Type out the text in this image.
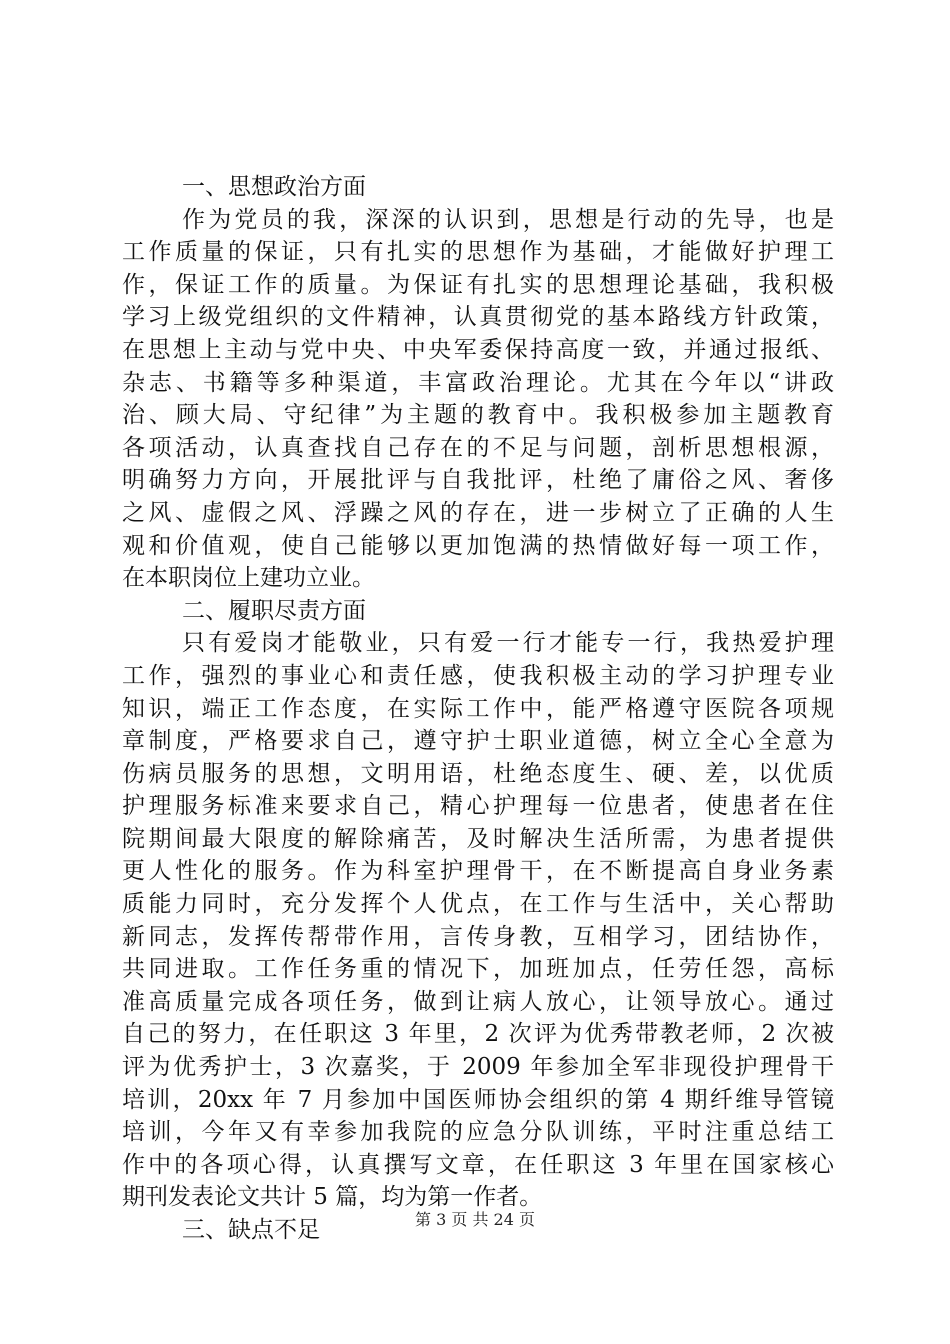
一、思想政治方面
作为党员的我，深深的认识到，思想是行动的先导，也是
工作质量的保证，只有扎实的思想作为基础，才能做好护理工
作，保证工作的质量。为保证有扎实的思想理论基础，我积极
学习上级党组织的文件精神，认真贯彻党的基本路线方针政策，
在思想上主动与党中央、中央军委保持高度一致，并通过报纸、
杂志、书籍等多种渠道，丰富政治理论。尤其在今年以“讲政
治、顾大局、守纪律”为主题的教育中。我积极参加主题教育
各项活动，认真查找自己存在的不足与问题，剖析思想根源，
明确努力方向，开展批评与自我批评，杜绝了庸俗之风、奢侈
之风、虚假之风、浮躁之风的存在，进一步树立了正确的人生
观和价值观，使自己能够以更加饱满的热情做好每一项工作，
在本职岗位上建功立业。
二、履职尽责方面
只有爱岗才能敬业，只有爱一行才能专一行，我热爱护理
工作，强烈的事业心和责任感，使我积极主动的学习护理专业
知识，端正工作态度，在实际工作中，能严格遵守医院各项规
章制度，严格要求自己，遵守护士职业道德，树立全心全意为
伤病员服务的思想，文明用语，杜绝态度生、硬、差，以优质
护理服务标准来要求自己，精心护理每一位患者，使患者在住
院期间最大限度的解除痛苦，及时解决生活所需，为患者提供
更人性化的服务。作为科室护理骨干，在不断提高自身业务素
质能力同时，充分发挥个人优点，在工作与生活中，关心帮助
新同志，发挥传帮带作用，言传身教，互相学习，团结协作，
共同进取。工作任务重的情况下，加班加点，任劳任怨，高标
准高质量完成各项任务，做到让病人放心，让领导放心。通过
自己的努力，在任职这 3 年里，2 次评为优秀带教老师，2 次被
评为优秀护士，3 次嘉奖，于 2009 年参加全军非现役护理骨干
培训，20xx 年 7 月参加中国医师协会组织的第 4 期纤维导管镜
培训，今年又有幸参加我院的应急分队训练，平时注重总结工
作中的各项心得，认真撰写文章，在任职这 3 年里在国家核心
期刊发表论文共计 5 篇，均为第一作者。
三、缺点不足	第 3 页 共 24 页
